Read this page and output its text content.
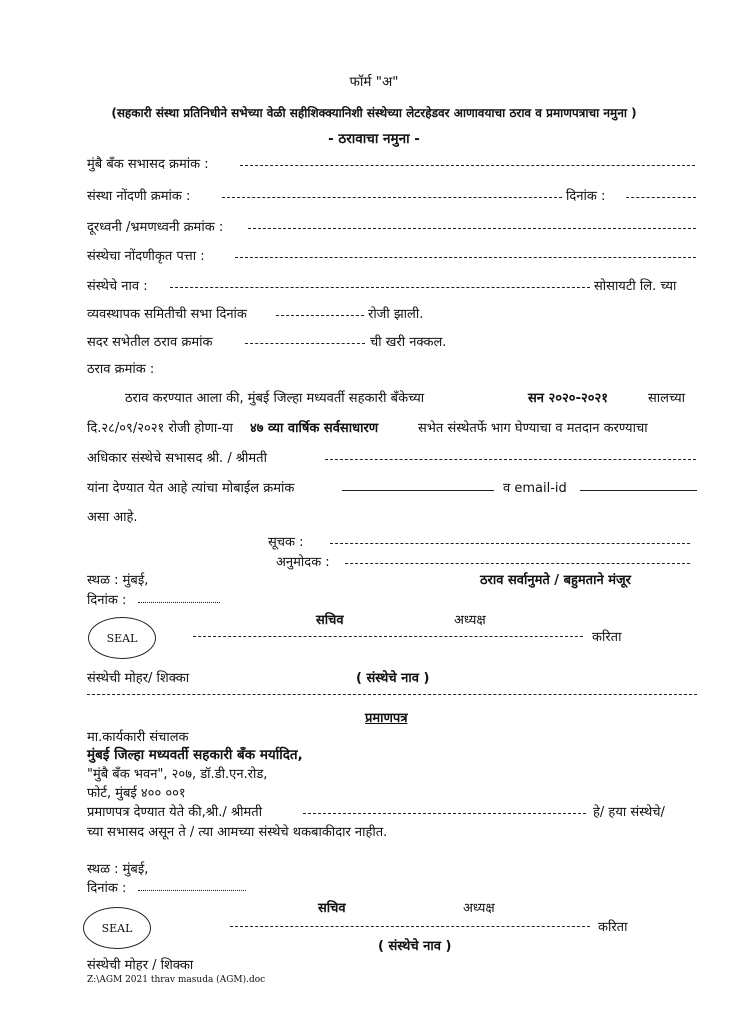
फॉर्म "अ"
(सहकारी संस्था प्रतिनिधीने सभेच्या वेळी सहीशिक्क्यानिशी संस्थेच्या लेटरहेडवर आणावयाचा ठराव व प्रमाणपत्राचा नमुना )
- ठरावाचा नमुना -
मुंबै बँक सभासद क्रमांक :
संस्था नोंदणी क्रमांक :	दिनांक :
दूरध्वनी /भ्रमणध्वनी क्रमांक :
संस्थेचा नोंदणीकृत पत्ता :
संस्थेचे नाव :	सोसायटी लि. च्या
व्यवस्थापक समितीची सभा दिनांक	रोजी झाली.
सदर सभेतील ठराव क्रमांक	ची खरी नक्कल.
ठराव क्रमांक :
ठराव करण्यात आला की, मुंबई जिल्हा मध्यवर्ती सहकारी बँकेच्या	सन २०२०-२०२१	सालच्या
दि.२८/०९/२०२१ रोजी होणा-या ४७ व्या वार्षिक सर्वसाधारण	सभेत संस्थेतर्फे भाग घेण्याचा व मतदान करण्याचा
अधिकार संस्थेचे सभासद श्री. / श्रीमती
यांना देण्यात येत आहे त्यांचा मोबाईल क्रमांक	व email-id
असा आहे.
सूचक :
अनुमोदक :
स्थळ : मुंबई,	ठराव सर्वानुमते / बहुमताने मंजूर
दिनांक :
सचिव	अध्यक्ष
SEAL	करिता
संस्थेची मोहर/ शिक्का	( संस्थेचे नाव )
प्रमाणपत्र
मा.कार्यकारी संचालक
मुंबई जिल्हा मध्यवर्ती सहकारी बँक मर्यादित,
"मुंबै बँक भवन", २०७, डॉ.डी.एन.रोड,
फोर्ट, मुंबई ४०० ००१
प्रमाणपत्र देण्यात येते की,श्री./ श्रीमती	हे/ हया संस्थेचे/
च्या सभासद असून ते / त्या आमच्या संस्थेचे थकबाकीदार नाहीत.
स्थळ : मुंबई,
दिनांक :
सचिव	अध्यक्ष
SEAL	करिता
( संस्थेचे नाव )
संस्थेची मोहर / शिक्का
Z:\AGM 2021 thrav masuda (AGM).doc
